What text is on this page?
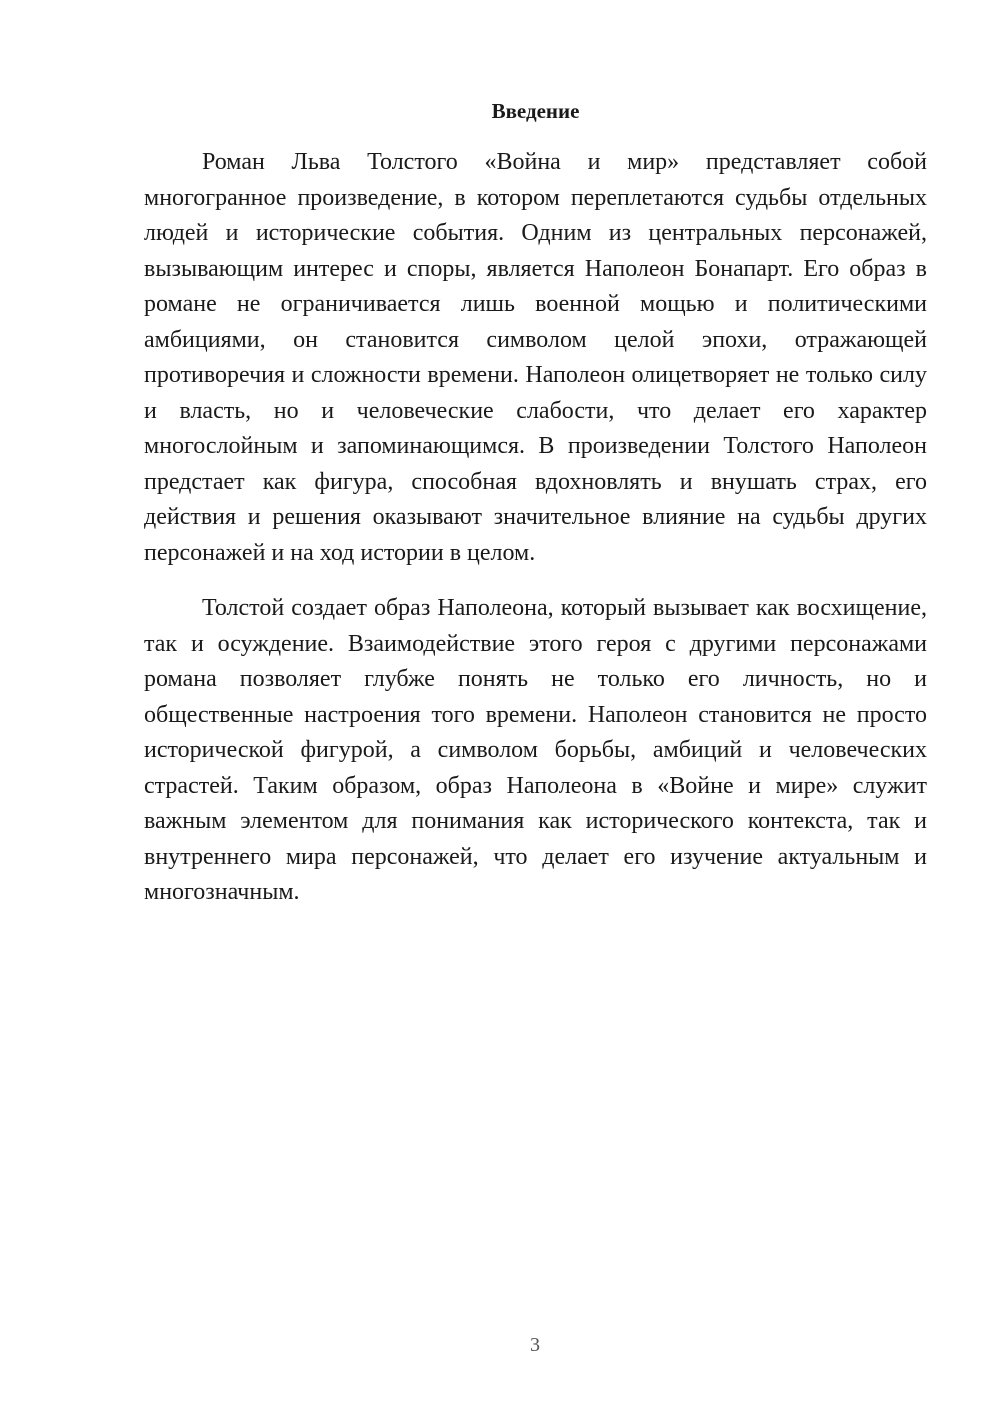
Введение

Роман Льва Толстого «Война и мир» представляет собой многогранное произведение, в котором переплетаются судьбы отдельных людей и исторические события. Одним из центральных персонажей, вызывающим интерес и споры, является Наполеон Бонапарт. Его образ в романе не ограничивается лишь военной мощью и политическими амбициями, он становится символом целой эпохи, отражающей противоречия и сложности времени. Наполеон олицетворяет не только силу и власть, но и человеческие слабости, что делает его характер многослойным и запоминающимся. В произведении Толстого Наполеон предстает как фигура, способная вдохновлять и внушать страх, его действия и решения оказывают значительное влияние на судьбы других персонажей и на ход истории в целом.

Толстой создает образ Наполеона, который вызывает как восхищение, так и осуждение. Взаимодействие этого героя с другими персонажами романа позволяет глубже понять не только его личность, но и общественные настроения того времени. Наполеон становится не просто исторической фигурой, а символом борьбы, амбиций и человеческих страстей. Таким образом, образ Наполеона в «Войне и мире» служит важным элементом для понимания как исторического контекста, так и внутреннего мира персонажей, что делает его изучение актуальным и многозначным.

3
